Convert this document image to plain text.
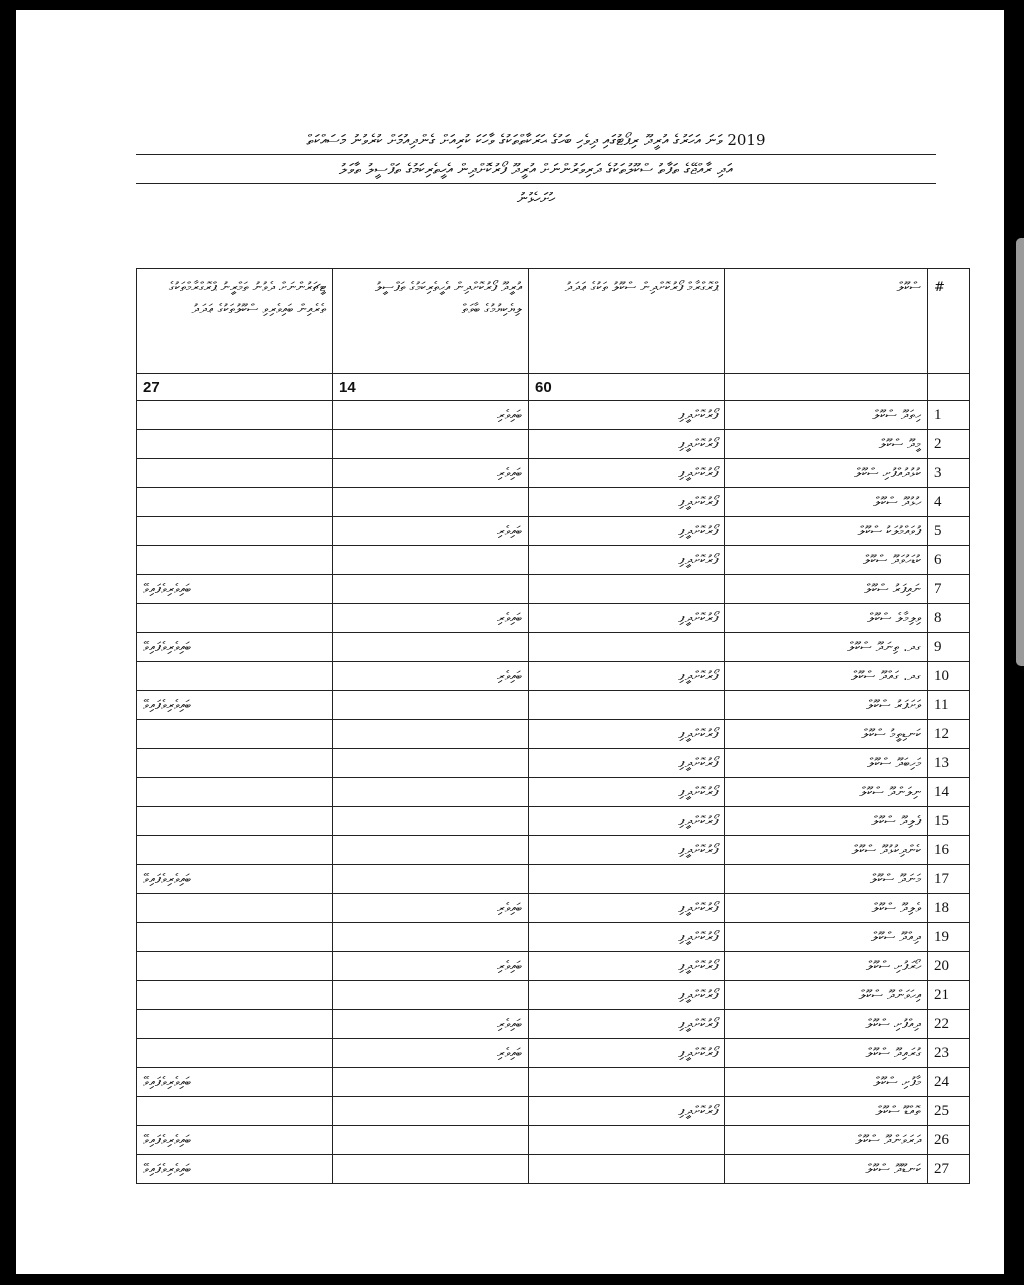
2019 ވަނަ އަހަރުގެ އުރީދޫ ރިޕޯޓުގައި ދިވެހި ބަހުގެ ޙަރަކާތްތަކުގެ ވާހަކަ ކުރިއަށް ގެންދިއުމަށް ކުރެވުނު މަސައްކަތް
އަދި ރާއްޖޭގެ ތަފާތު ސްކޫލުތަކުގެ ދަރިވަރުންނަށް އުރީދޫ ފޯރުކޮށްދިން އެހީތެރިކަމުގެ ތަފްސީލު ތާވަލު
ހުށަހެޅުނު
#	ސްކޫލް	ޕްރޮގްރާމް ފޯރުކޮށްދިން ސްކޫލު ތަކުގެ ޢަދަދު	އުރީދޫ ފޯރުކޮށްދިން އެހީތެރިކަމުގެ ތަފްސީލު ލިޔެކިޔުމުގެ ބާވަތް	ޓީޗަރުންނަށް ދެވުނު ތަމްރީނު ޕްރޮގްރާމްތަކުގެ ތެރެއިން ބައިވެރިވި ސްކޫލުތަކުގެ ޢަދަދު
		60	14	27
1	ހިތަދޫ ސްކޫލް	ފޯރުކޮށްދީފި	ބައިވެރި	
2	މީދޫ ސްކޫލް	ފޯރުކޮށްދީފި		
3	ކުޅުދުއްފުށި ސްކޫލް	ފޯރުކޮށްދީފި	ބައިވެރި	
4	ހުޅުދޫ ސްކޫލް	ފޯރުކޮށްދީފި		
5	ފުވައްމުލަކު ސްކޫލް	ފޯރުކޮށްދީފި	ބައިވެރި	
6	ކުޑަހުވަދޫ ސްކޫލް	ފޯރުކޮށްދީފި		
7	ނައިފަރު ސްކޫލް			ބައިވެރިވެފައިވޭ
8	ވިލިމާލެ ސްކޫލް	ފޯރުކޮށްދީފި	ބައިވެރި	
9	ގދ. ތިނަދޫ ސްކޫލް			ބައިވެރިވެފައިވޭ
10	ގދ. ގައްދޫ ސްކޫލް	ފޯރުކޮށްދީފި	ބައިވެރި	
11	ވަށަފަރު ސްކޫލް			ބައިވެރިވެފައިވޭ
12	ކަނޑިތީމު ސްކޫލް	ފޯރުކޮށްދީފި		
13	މަހިބަދޫ ސްކޫލް	ފޯރުކޮށްދީފި		
14	ނިލަންދޫ ސްކޫލް	ފޯރުކޮށްދީފި		
15	ފެލިދޫ ސްކޫލް	ފޯރުކޮށްދީފި		
16	ކެންދިކުޅުދޫ ސްކޫލް	ފޯރުކޮށްދީފި		
17	މަނަދޫ ސްކޫލް			ބައިވެރިވެފައިވޭ
18	ވެލިދޫ ސްކޫލް	ފޯރުކޮށްދީފި	ބައިވެރި	
19	ދިއްދޫ ސްކޫލް	ފޯރުކޮށްދީފި		
20	ހޯރަފުށި ސްކޫލް	ފޯރުކޮށްދީފި	ބައިވެރި	
21	އިހަވަންދޫ ސްކޫލް	ފޯރުކޮށްދީފި		
22	ދިއްފުށި ސްކޫލް	ފޯރުކޮށްދީފި	ބައިވެރި	
23	ގުރައިދޫ ސްކޫލް	ފޯރުކޮށްދީފި	ބައިވެރި	
24	މާފުށި ސްކޫލް			ބައިވެރިވެފައިވޭ
25	ތޮއްޑޫ ސްކޫލް	ފޯރުކޮށްދީފި		
26	ދަރަވަންދޫ ސްކޫލް			ބައިވެރިވެފައިވޭ
27	ކަނޑޫދޫ ސްކޫލް			ބައިވެރިވެފައިވޭ
